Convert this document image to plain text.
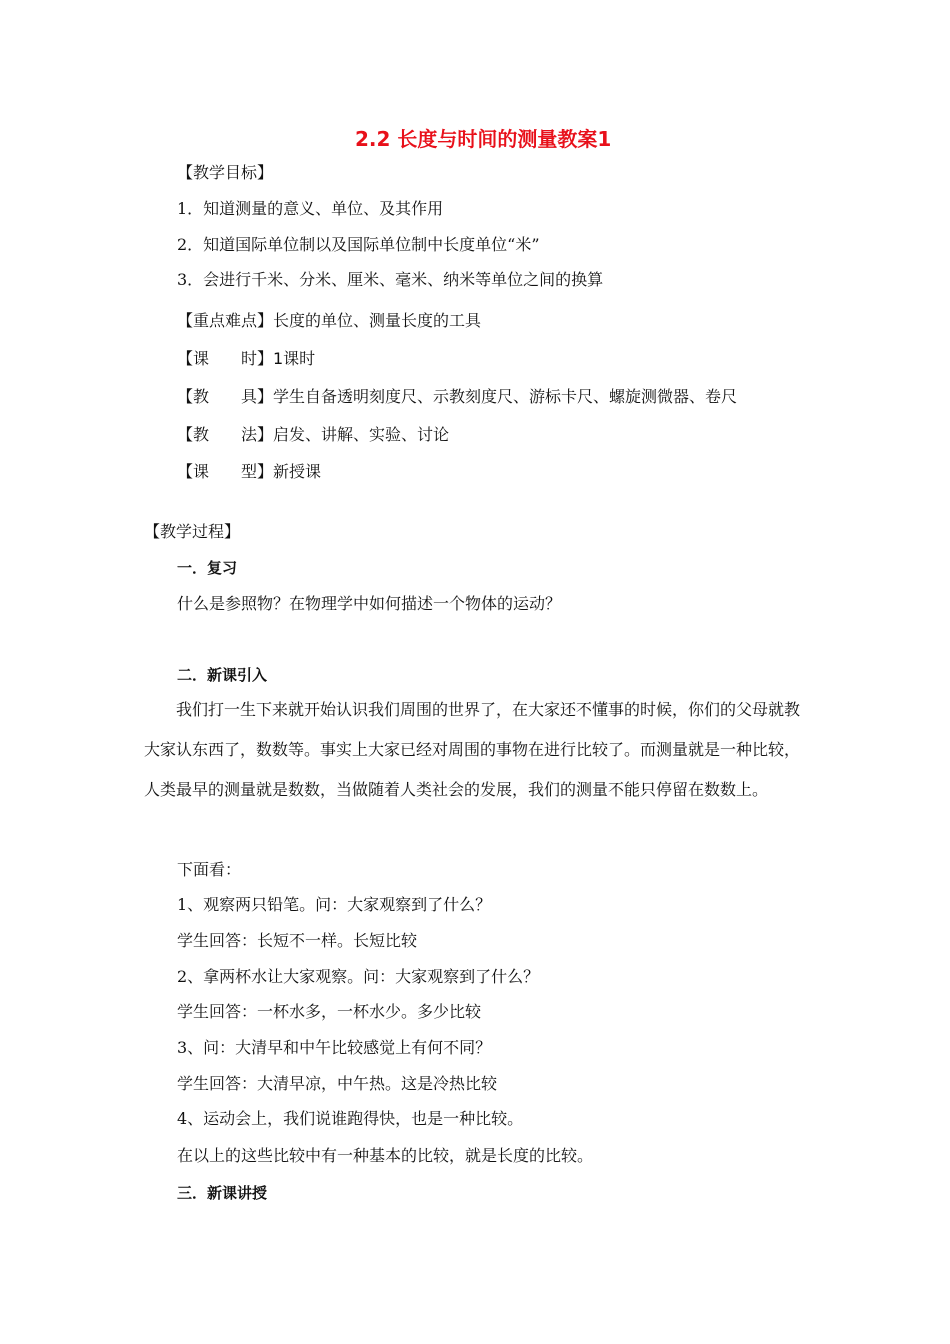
2.2 长度与时间的测量教案1
【教学目标】
1．知道测量的意义、单位、及其作用
2．知道国际单位制以及国际单位制中长度单位“米”
3．会进行千米、分米、厘米、毫米、纳米等单位之间的换算
【重点难点】长度的单位、测量长度的工具
【课　　时】1课时
【教　　具】学生自备透明刻度尺、示教刻度尺、游标卡尺、螺旋测微器、卷尺
【教　　法】启发、讲解、实验、讨论
【课　　型】新授课
【教学过程】
一．复习
什么是参照物？在物理学中如何描述一个物体的运动？
二．新课引入
　　我们打一生下来就开始认识我们周围的世界了，在大家还不懂事的时候，你们的父母就教大家认东西了，数数等。事实上大家已经对周围的事物在进行比较了。而测量就是一种比较，人类最早的测量就是数数，当做随着人类社会的发展，我们的测量不能只停留在数数上。
下面看：
1、观察两只铅笔。问：大家观察到了什么？
学生回答：长短不一样。长短比较
2、拿两杯水让大家观察。问：大家观察到了什么？
学生回答：一杯水多，一杯水少。多少比较
3、问：大清早和中午比较感觉上有何不同？
学生回答：大清早凉，中午热。这是冷热比较
4、运动会上，我们说谁跑得快，也是一种比较。
在以上的这些比较中有一种基本的比较，就是长度的比较。
三．新课讲授
